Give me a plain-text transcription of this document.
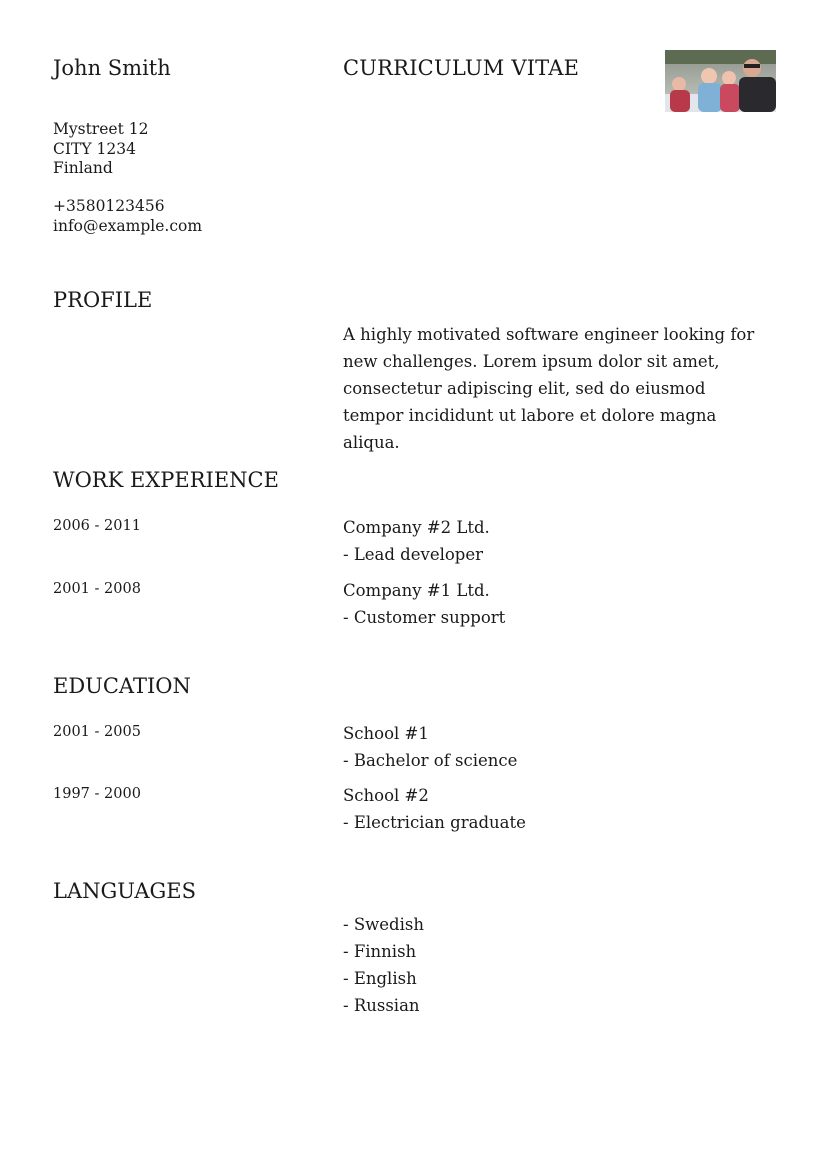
John Smith	CURRICULUM VITAE
Mystreet 12
CITY 1234
Finland
+3580123456
info@example.com
PROFILE
A highly motivated software engineer looking for new challenges. Lorem ipsum dolor sit amet, consectetur adipiscing elit, sed do eiusmod tempor incididunt ut labore et dolore magna aliqua.
WORK EXPERIENCE
2006 - 2011	Company #2 Ltd.
- Lead developer
2001 - 2008	Company #1 Ltd.
- Customer support
EDUCATION
2001 - 2005	School #1
- Bachelor of science
1997 - 2000	School #2
- Electrician graduate
LANGUAGES
- Swedish
- Finnish
- English
- Russian
